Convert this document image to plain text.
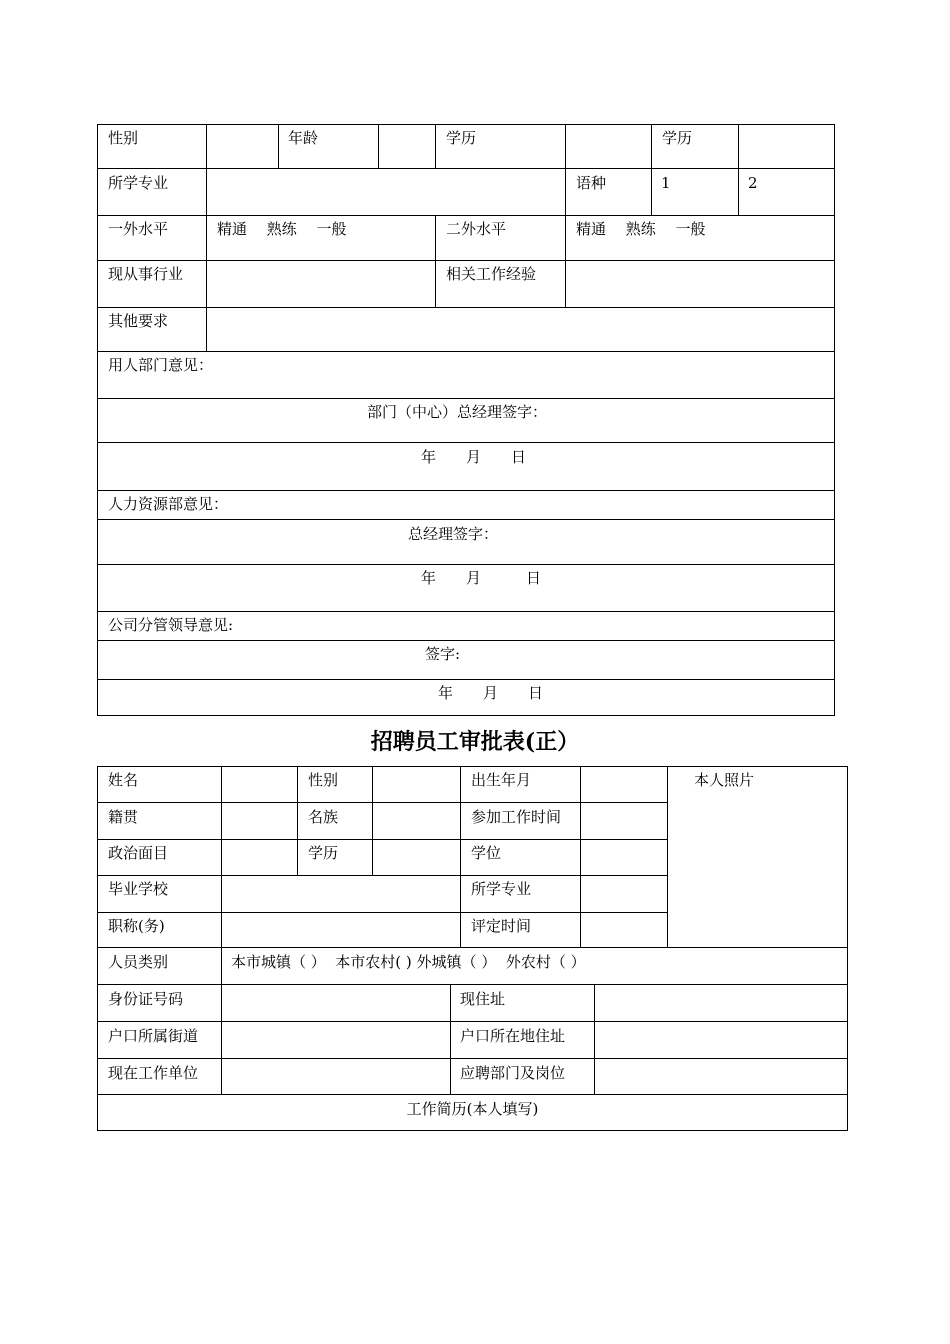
性别	年龄	学历	学历
所学专业	语种	1	2
一外水平	精通　 熟练 　一般	二外水平	精通　 熟练 　一般
现从事行业	相关工作经验
其他要求
用人部门意见：
部门（中心）总经理签字：
年　　月　　日
人力资源部意见：
总经理签字：
年　　月　　　日
公司分管领导意见:
签字:
年　　月　　日
招聘员工审批表(正）
姓名	性别	出生年月	本人照片
籍贯	名族	参加工作时间
政治面目	学历	学位
毕业学校	所学专业
职称(务)	评定时间
人员类别	本市城镇（ ）  本市农村( ) 外城镇（ ）  外农村（ ）
身份证号码	现住址
户口所属街道	户口所在地住址
现在工作单位	应聘部门及岗位
工作简历(本人填写)
